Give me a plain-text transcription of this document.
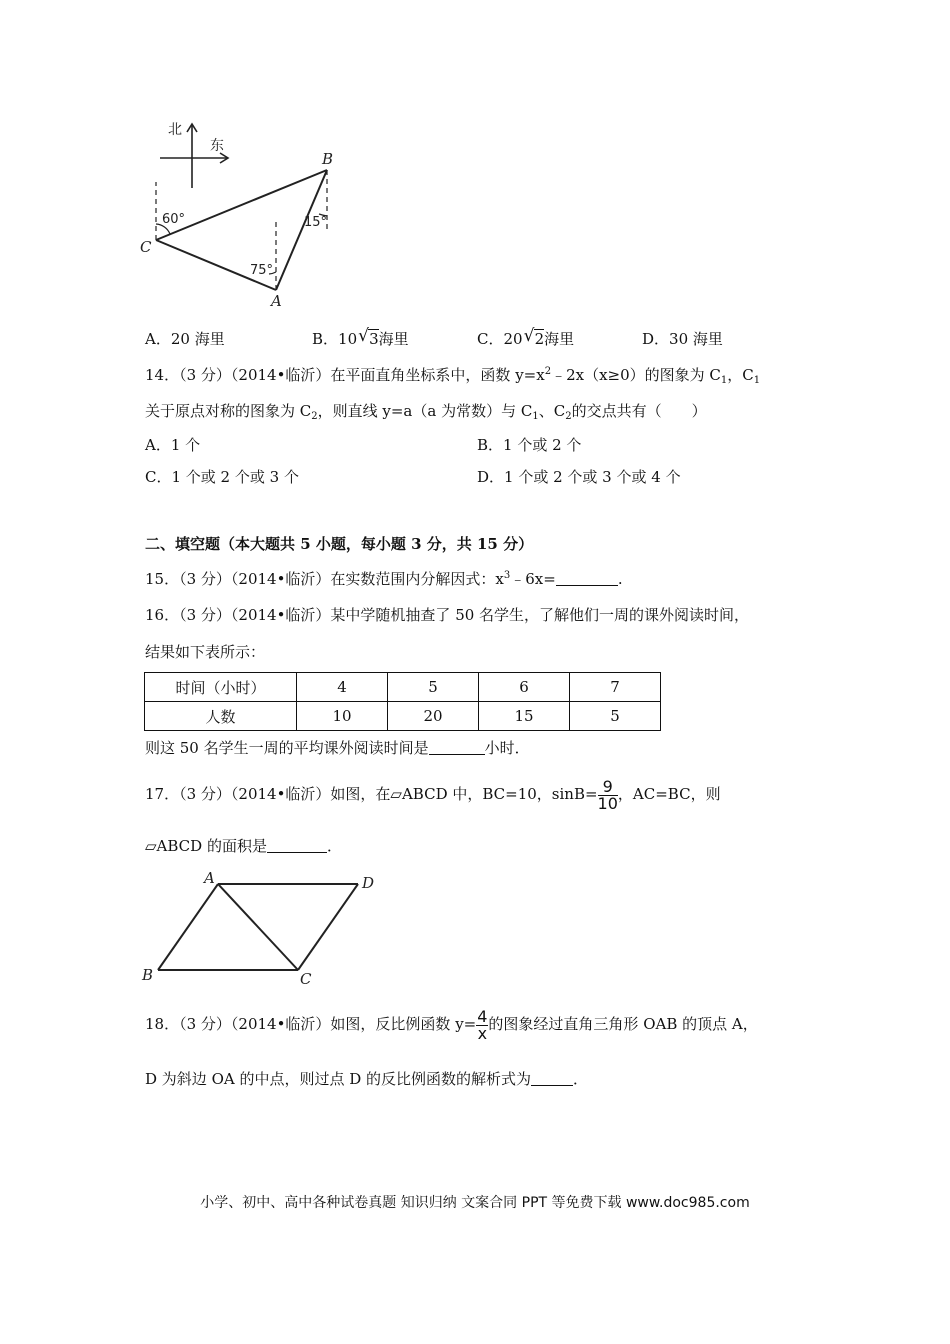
北
东
60°
75°
15°
B
C
A
A．20 海里	B．10 √ 3海里	C．20 √ 2海里	D．30 海里
14．（3 分）（2014•临沂）在平面直角坐标系中，函数 $y=x^2﹣2x(x\ge 0)$的图象为 $C_1$，$C_1$
关于原点对称的图象为 $C_2$，则直线 y=a（a 为常数）与 $C_1$、$C_2$的交点共有（　　）
A．1 个	B．1 个或 2 个
C．1 个或 2 个或 3 个	D．1 个或 2 个或 3 个或 4 个
二、填空题（本大题共 5 小题，每小题 3 分，共 15 分）
15．（3 分）（2014•临沂）在实数范围内分解因式：$x^3﹣6x=$	.
16．（3 分）（2014•临沂）某中学随机抽查了 50 名学生，了解他们一周的课外阅读时间，
结果如下表所示：
时间（小时）	4	5	6	7
人数	10	20	15	5
则这 50 名学生一周的平均课外阅读时间是	小时．
17．（3 分）（2014•临沂）如图，在▱ABCD 中，BC=10，$\sin B= \frac{9}{10}$ ，AC=BC，则
▱ABCD 的面积是	．
A	D
B	C
18．（3 分）（2014•临沂）如图，反比例函数 $y= \frac{4}{x}$ 的图象经过直角三角形 OAB 的顶点 A，
D 为斜边 OA 的中点，则过点 D 的反比例函数的解析式为	．
小学、初中、高中各种试卷真题 知识归纳 文案合同 PPT 等免费下载 www.doc985.com
